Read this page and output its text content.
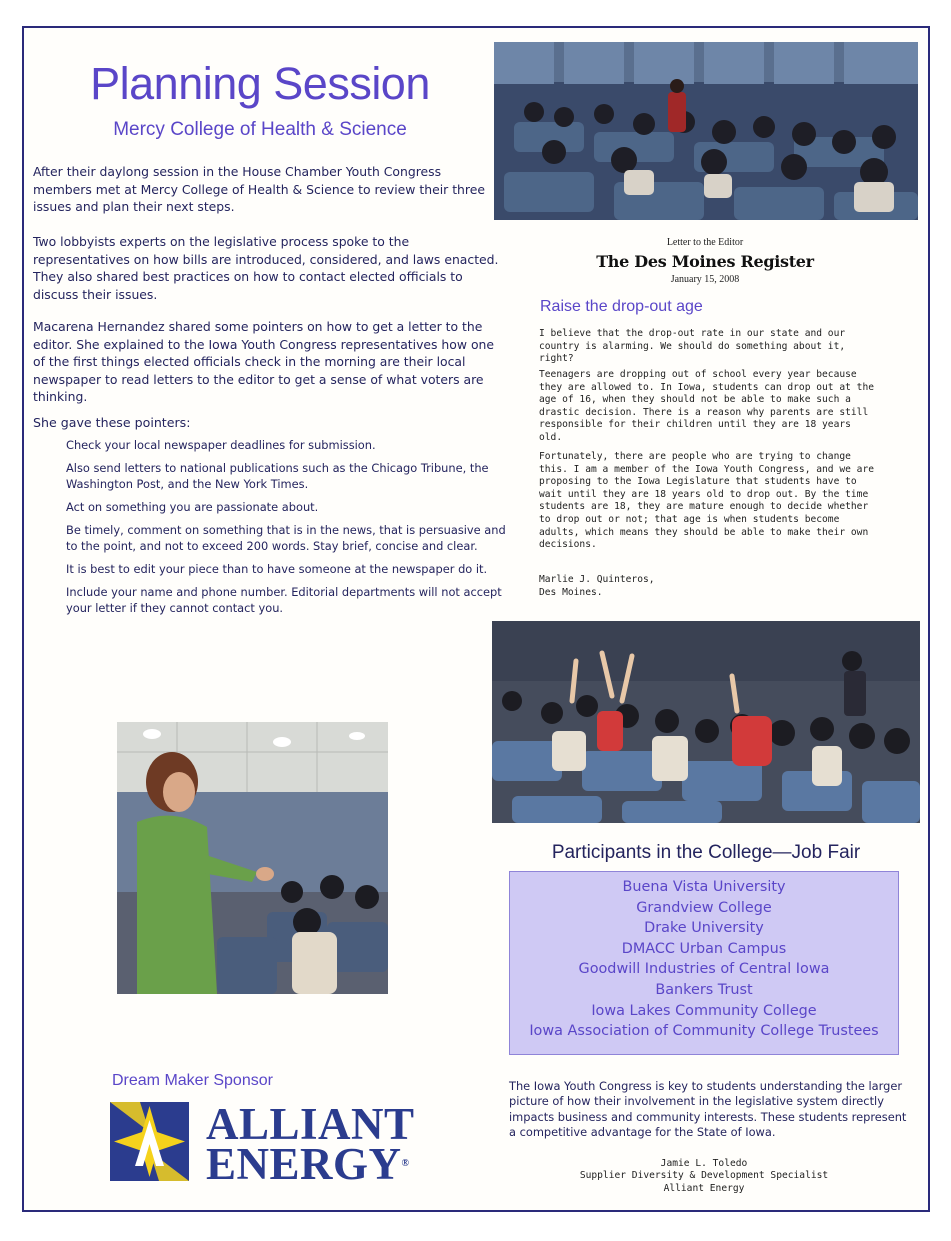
Planning Session
Mercy College of Health & Science

After their daylong session in the House Chamber Youth Congress members met at Mercy College of Health & Science to review their three issues and plan their next steps.

Two lobbyists experts on the legislative process spoke to the representatives on how bills are introduced, considered, and laws enacted. They also shared best practices on how to contact elected officials to discuss their issues.

Macarena Hernandez shared some pointers on how to get a letter to the editor. She explained to the Iowa Youth Congress representatives how one of the first things elected officials check in the morning are their local newspaper to read letters to the editor to get a sense of what voters are thinking.

She gave these pointers:

Check your local newspaper deadlines for submission.
Also send letters to national publications such as the Chicago Tribune, the Washington Post, and the New York Times.
Act on something you are passionate about.
Be timely, comment on something that is in the news, that is persuasive and to the point, and not to exceed 200 words. Stay brief, concise and clear.
It is best to edit your piece than to have someone at the newspaper do it.
Include your name and phone number. Editorial departments will not accept your letter if they cannot contact you.
Letter to the Editor
The Des Moines Register
January 15, 2008
Raise the drop-out age

I believe that the drop-out rate in our state and our country is alarming. We should do something about it, right?

Teenagers are dropping out of school every year because they are allowed to. In Iowa, students can drop out at the age of 16, when they should not be able to make such a drastic decision. There is a reason why parents are still responsible for their children until they are 18 years old.

Fortunately, there are people who are trying to change this. I am a member of the Iowa Youth Congress, and we are proposing to the Iowa Legislature that students have to wait until they are 18 years old to drop out. By the time students are 18, they are mature enough to decide whether to drop out or not; that age is when students become adults, which means they should be able to make their own decisions.

Marlie J. Quinteros,
Des Moines.
Participants in the College—Job Fair
Buena Vista University
Grandview College
Drake University
DMACC Urban Campus
Goodwill Industries of Central Iowa
Bankers Trust
Iowa Lakes Community College
Iowa Association of Community College Trustees
Dream Maker Sponsor
ALLIANT
ENERGY®

The Iowa Youth Congress is key to students understanding the larger picture of how their involvement in the legislative system directly impacts business and community interests. These students represent a competitive advantage for the State of Iowa.

Jamie L. Toledo
Supplier Diversity & Development Specialist
Alliant Energy
